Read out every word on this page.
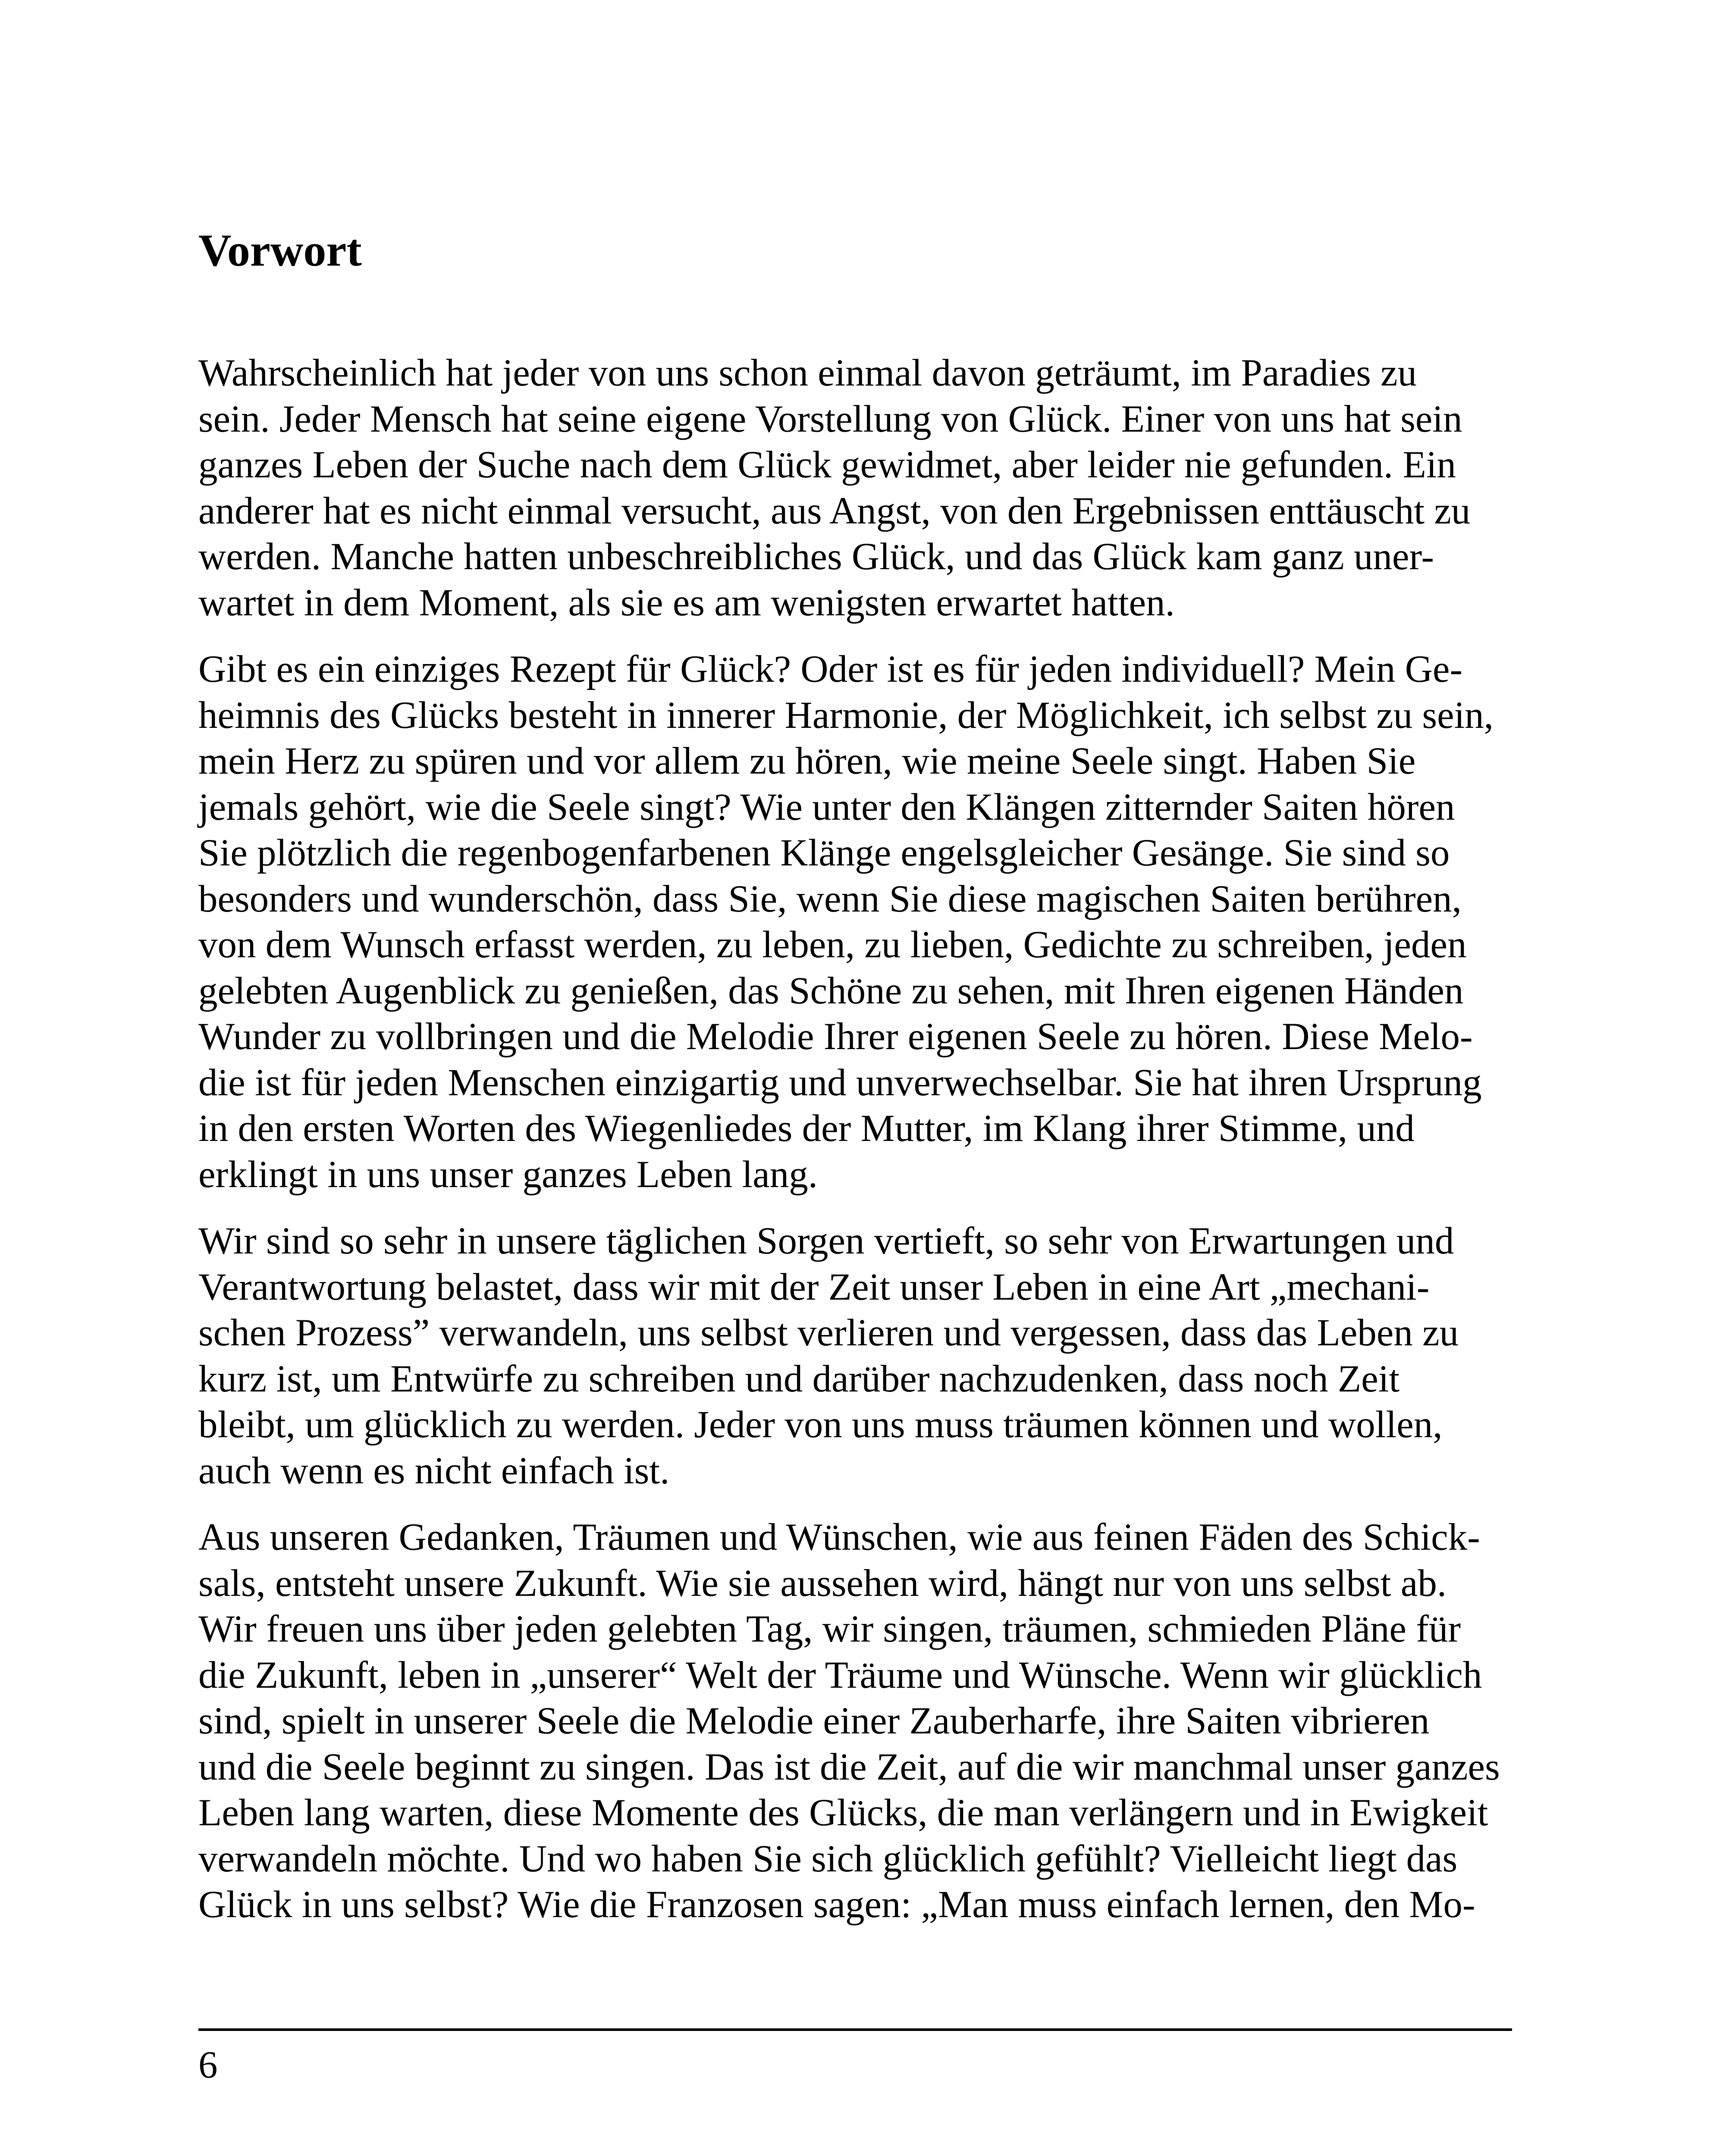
Vorwort

Wahrscheinlich hat jeder von uns schon einmal davon geträumt, im Paradies zu
sein. Jeder Mensch hat seine eigene Vorstellung von Glück. Einer von uns hat sein
ganzes Leben der Suche nach dem Glück gewidmet, aber leider nie gefunden. Ein
anderer hat es nicht einmal versucht, aus Angst, von den Ergebnissen enttäuscht zu
werden. Manche hatten unbeschreibliches Glück, und das Glück kam ganz uner-
wartet in dem Moment, als sie es am wenigsten erwartet hatten.

Gibt es ein einziges Rezept für Glück? Oder ist es für jeden individuell? Mein Ge-
heimnis des Glücks besteht in innerer Harmonie, der Möglichkeit, ich selbst zu sein,
mein Herz zu spüren und vor allem zu hören, wie meine Seele singt. Haben Sie
jemals gehört, wie die Seele singt? Wie unter den Klängen zitternder Saiten hören
Sie plötzlich die regenbogenfarbenen Klänge engelsgleicher Gesänge. Sie sind so
besonders und wunderschön, dass Sie, wenn Sie diese magischen Saiten berühren,
von dem Wunsch erfasst werden, zu leben, zu lieben, Gedichte zu schreiben, jeden
gelebten Augenblick zu genießen, das Schöne zu sehen, mit Ihren eigenen Händen
Wunder zu vollbringen und die Melodie Ihrer eigenen Seele zu hören. Diese Melo-
die ist für jeden Menschen einzigartig und unverwechselbar. Sie hat ihren Ursprung
in den ersten Worten des Wiegenliedes der Mutter, im Klang ihrer Stimme, und
erklingt in uns unser ganzes Leben lang.

Wir sind so sehr in unsere täglichen Sorgen vertieft, so sehr von Erwartungen und
Verantwortung belastet, dass wir mit der Zeit unser Leben in eine Art „mechani-
schen Prozess” verwandeln, uns selbst verlieren und vergessen, dass das Leben zu
kurz ist, um Entwürfe zu schreiben und darüber nachzudenken, dass noch Zeit
bleibt, um glücklich zu werden. Jeder von uns muss träumen können und wollen,
auch wenn es nicht einfach ist.

Aus unseren Gedanken, Träumen und Wünschen, wie aus feinen Fäden des Schick-
sals, entsteht unsere Zukunft. Wie sie aussehen wird, hängt nur von uns selbst ab.
Wir freuen uns über jeden gelebten Tag, wir singen, träumen, schmieden Pläne für
die Zukunft, leben in „unserer“ Welt der Träume und Wünsche. Wenn wir glücklich
sind, spielt in unserer Seele die Melodie einer Zauberharfe, ihre Saiten vibrieren
und die Seele beginnt zu singen. Das ist die Zeit, auf die wir manchmal unser ganzes
Leben lang warten, diese Momente des Glücks, die man verlängern und in Ewigkeit
verwandeln möchte. Und wo haben Sie sich glücklich gefühlt? Vielleicht liegt das
Glück in uns selbst? Wie die Franzosen sagen: „Man muss einfach lernen, den Mo-

6
